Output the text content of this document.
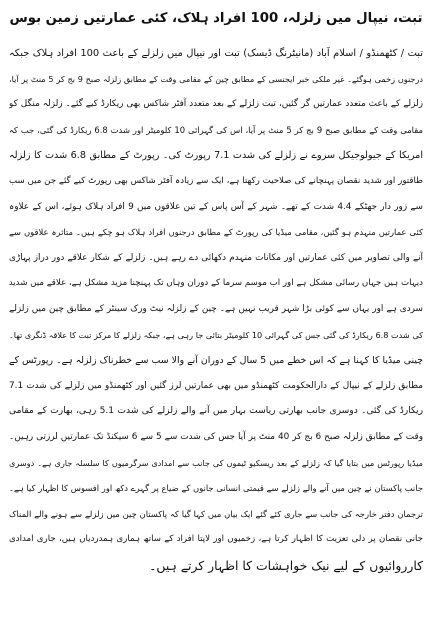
تبت، نیپال میں زلزلہ، 100 افراد ہلاک، کئی عمارتیں زمین بوس
تبت / کٹھمنڈو / اسلام آباد (مانیٹرنگ ڈیسک) تبت اور نیپال میں زلزلے کے باعث 100 افراد ہلاک جبکہ
درجنوں زخمی ہوگئے۔ غیر ملکی خبر ایجنسی کے مطابق چین کے مقامی وقت کے مطابق زلزلہ صبح 9 بج کر 5 منٹ پر آیا،
زلزلے کے باعث متعدد عمارتیں گر گئیں، تبت زلزلے کے بعد متعدد آفٹر شاکس بھی ریکارڈ کیے گئے۔ زلزلہ منگل کو
مقامی وقت کے مطابق صبح 9 بج کر 5 منٹ پر آیا، اس کی گہرائی 10 کلومیٹر اور شدت 6.8 ریکارڈ کی گئی، جب کہ
امریکا کے جیولوجیکل سروے نے زلزلے کی شدت 7.1 رپورٹ کی۔ رپورٹ کے مطابق 6.8 شدت کا زلزلہ
طاقتور اور شدید نقصان پہنچانے کی صلاحیت رکھتا ہے، ایک سے زیادہ آفٹر شاکس بھی رپورٹ کیے گئے جن میں سب
سے زور دار جھٹکے 4.4 شدت کے تھے۔ شہر کے آس پاس کے تین علاقوں میں 9 افراد ہلاک ہوئے، اس کے علاوہ
کئی عمارتیں منہدم ہو گئیں، مقامی میڈیا کی رپورٹ کے مطابق درجنوں افراد ہلاک ہو چکے ہیں۔ متاثرہ علاقوں سے
آنے والی تصاویر میں کئی عمارتیں اور مکانات منہدم دکھائی دے رہے ہیں۔ زلزلے کے شکار علاقے دور دراز پہاڑی
دیہات ہیں جہاں رسائی مشکل ہے اور اب موسم سرما کے دوران وہاں تک پہنچنا مزید مشکل ہے، علاقے میں شدید
سردی ہے اور یہاں سے کوئی بڑا شہر قریب نہیں ہے۔ چین کے زلزلہ نیٹ ورک سینٹر کے مطابق چین میں زلزلے
کی شدت 6.8 ریکارڈ کی گئی جس کی گہرائی 10 کلومیٹر بتائی جا رہی ہے، جبکہ زلزلے کا مرکز تبت کا علاقہ ڈنگری تھا۔
چینی میڈیا کا کہنا ہے کہ اس خطے میں 5 سال کے دوران آنے والا سب سے خطرناک زلزلہ ہے۔ رپورٹس کے
مطابق زلزلے کے نیپال کے دارالحکومت کٹھمنڈو میں بھی عمارتیں لرز گئیں اور کٹھمنڈو میں زلزلے کی شدت 7.1
ریکارڈ کی گئی۔ دوسری جانب بھارتی ریاست بہار میں آنے والے زلزلے کی شدت 5.1 رہی، بھارت کے مقامی
وقت کے مطابق زلزلہ صبح 6 بج کر 40 منٹ پر آیا جس کی شدت سے 5 سے 6 سیکنڈ تک عمارتیں لرزتی رہیں۔
میڈیا رپورٹس میں بتایا گیا کہ زلزلے کے بعد ریسکیو ٹیموں کی جانب سے امدادی سرگرمیوں کا سلسلہ جاری ہے۔ دوسری
جانب پاکستان نے چین میں آنے والے زلزلے سے قیمتی انسانی جانوں کے ضیاع پر گہرے دکھ اور افسوس کا اظہار کیا ہے۔
ترجمان دفتر خارجہ کی جانب سے جاری کئے گئے ایک بیان میں کہا گیا کہ پاکستان چین میں زلزلے سے ہونے والے المناک
جانی نقصان پر دلی تعزیت کا اظہار کرتا ہے، زخمیوں اور لاپتا افراد کے ساتھ ہماری ہمدردیاں ہیں، جاری امدادی
کارروائیوں کے لیے نیک خواہشات کا اظہار کرتے ہیں۔
